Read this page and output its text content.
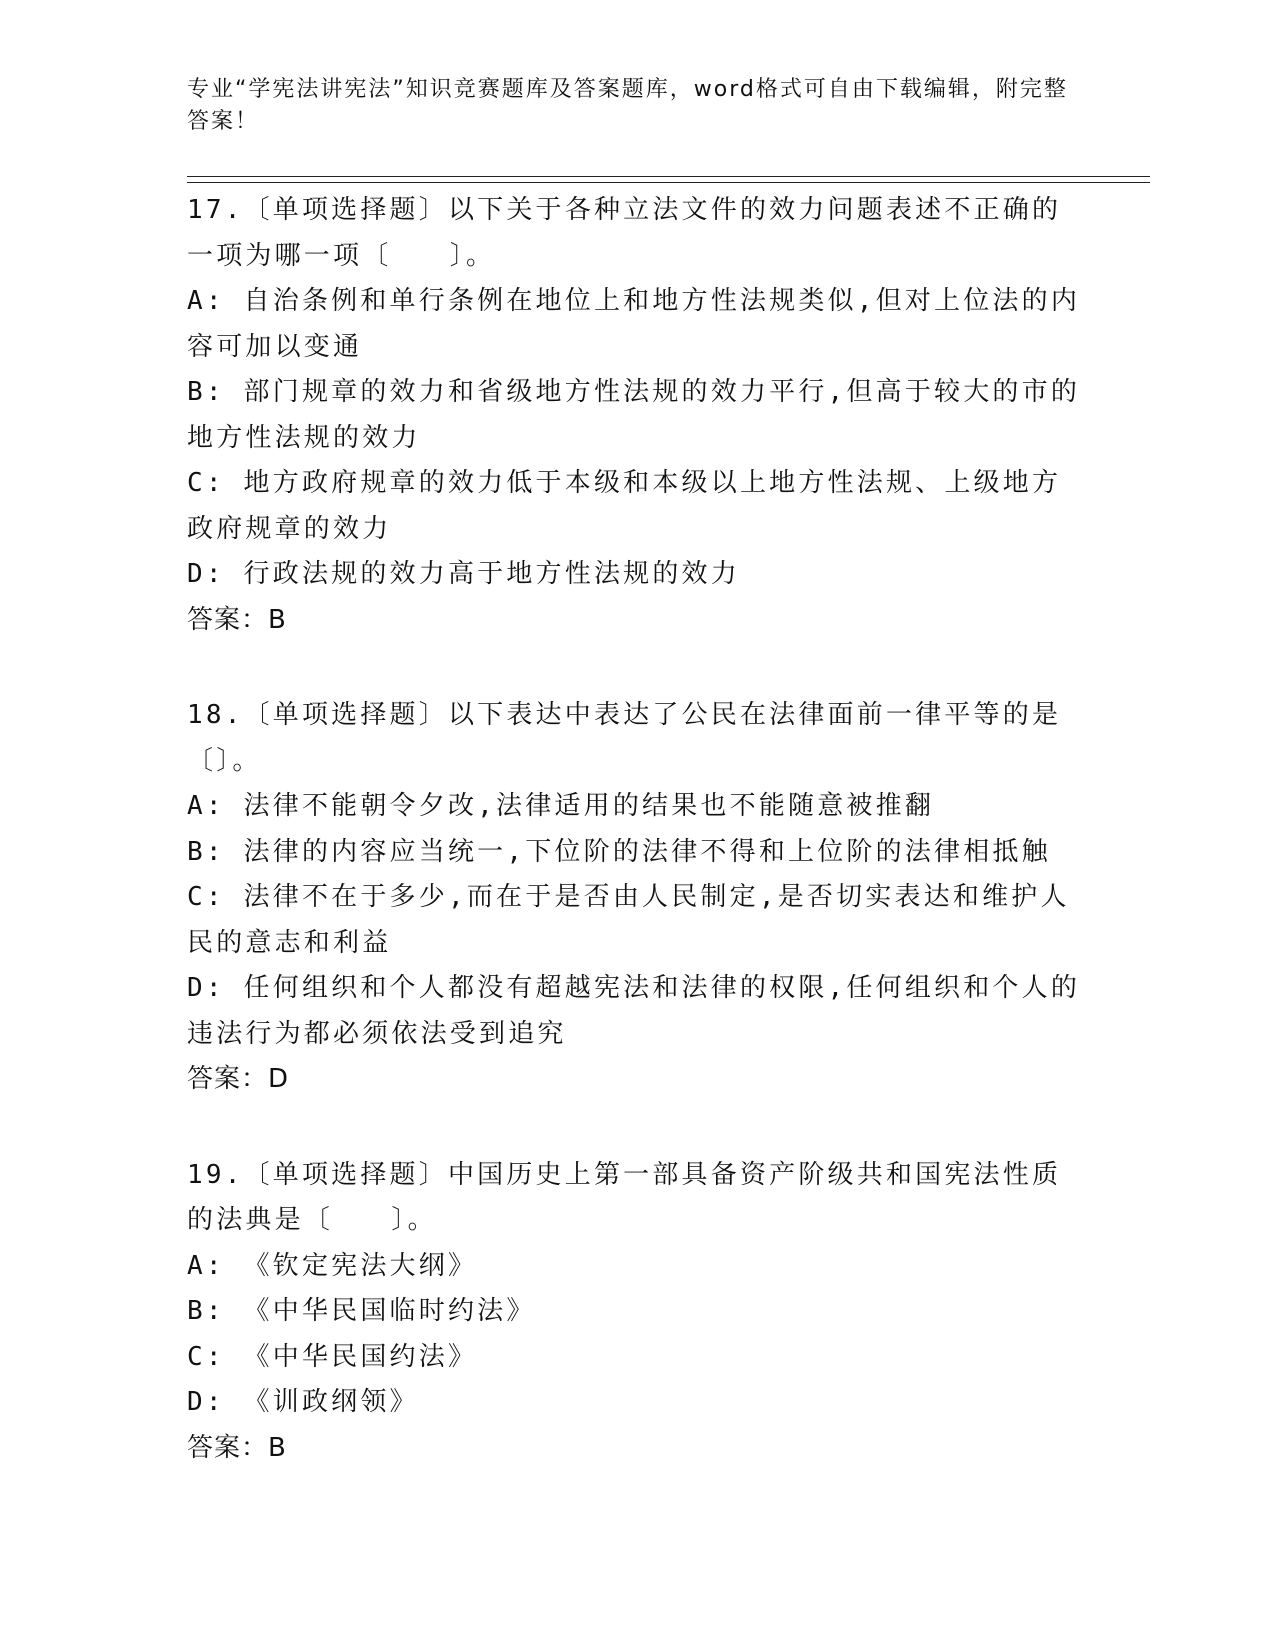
专业“学宪法讲宪法”知识竞赛题库及答案题库，word格式可自由下载编辑，附完整答案！
17.〔单项选择题〕以下关于各种立法文件的效力问题表述不正确的一项为哪一项〔　　〕。
A: 自治条例和单行条例在地位上和地方性法规类似,但对上位法的内容可加以变通
B: 部门规章的效力和省级地方性法规的效力平行,但高于较大的市的地方性法规的效力
C: 地方政府规章的效力低于本级和本级以上地方性法规、上级地方政府规章的效力
D: 行政法规的效力高于地方性法规的效力
答案：B
18.〔单项选择题〕以下表达中表达了公民在法律面前一律平等的是〔〕。
A: 法律不能朝令夕改,法律适用的结果也不能随意被推翻
B: 法律的内容应当统一,下位阶的法律不得和上位阶的法律相抵触
C: 法律不在于多少,而在于是否由人民制定,是否切实表达和维护人民的意志和利益
D: 任何组织和个人都没有超越宪法和法律的权限,任何组织和个人的违法行为都必须依法受到追究
答案：D
19.〔单项选择题〕中国历史上第一部具备资产阶级共和国宪法性质的法典是〔　　〕。
A: 《钦定宪法大纲》
B: 《中华民国临时约法》
C: 《中华民国约法》
D: 《训政纲领》
答案：B
